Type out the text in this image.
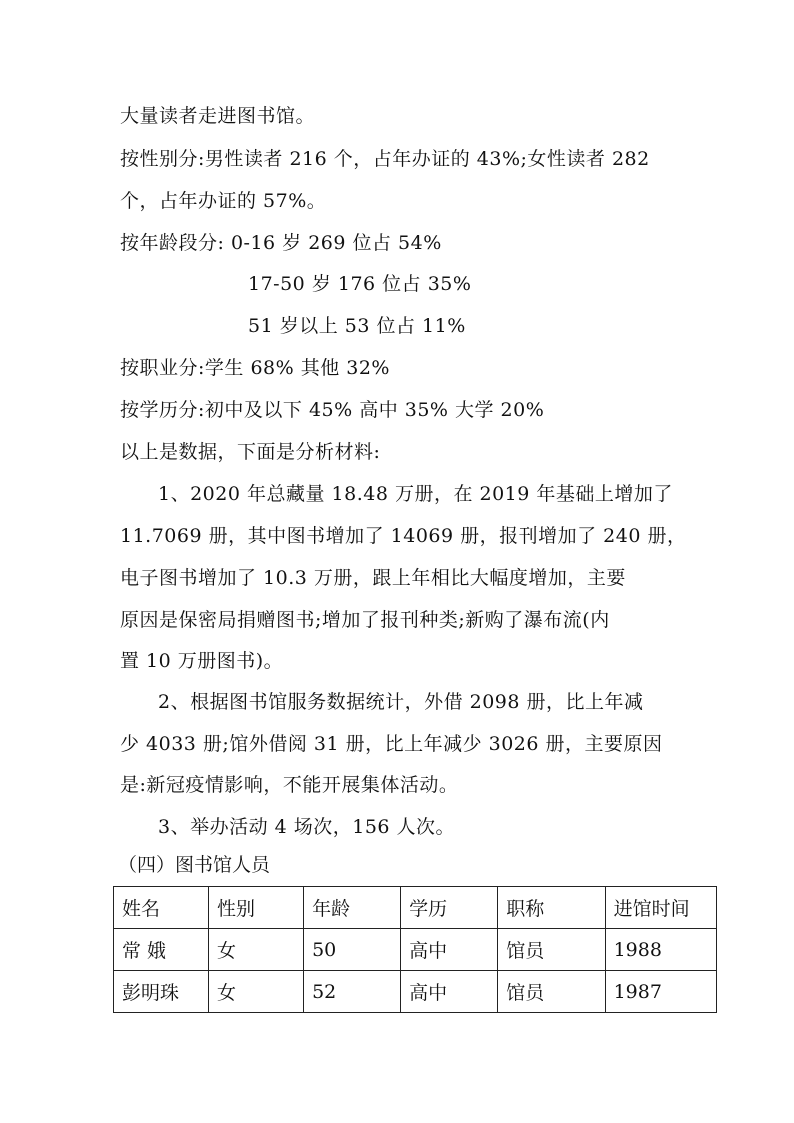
大量读者走进图书馆。
按性别分:男性读者 216 个，占年办证的 43%;女性读者 282
个，占年办证的 57%。
按年龄段分: 0-16 岁 269 位占 54%
17-50 岁 176 位占 35%
51 岁以上 53 位占 11%
按职业分:学生 68% 其他 32%
按学历分:初中及以下 45% 高中 35% 大学 20%
以上是数据，下面是分析材料:
1、2020 年总藏量 18.48 万册，在 2019 年基础上增加了
11.7069 册，其中图书增加了 14069 册，报刊增加了 240 册，
电子图书增加了 10.3 万册，跟上年相比大幅度增加，主要
原因是保密局捐赠图书;增加了报刊种类;新购了瀑布流(内
置 10 万册图书)。
2、根据图书馆服务数据统计，外借 2098 册，比上年减
少 4033 册;馆外借阅 31 册，比上年减少 3026 册，主要原因
是:新冠疫情影响，不能开展集体活动。
3、举办活动 4 场次，156 人次。
（四）图书馆人员
姓名	性别	年龄	学历	职称	进馆时间
常 娥	女	50	高中	馆员	1988
彭明珠	女	52	高中	馆员	1987
